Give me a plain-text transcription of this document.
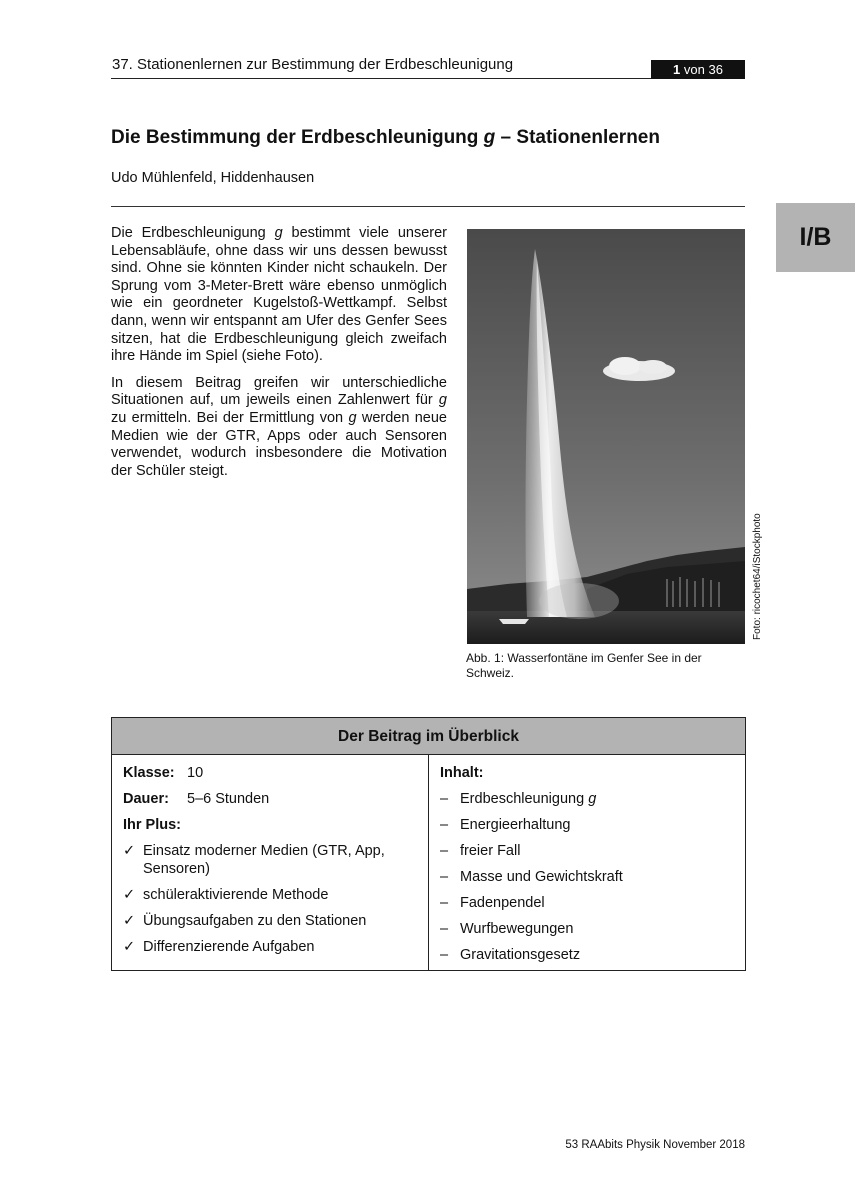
37. Stationenlernen zur Bestimmung der Erdbeschleunigung	1 von 36
I/B
Die Bestimmung der Erdbeschleunigung g – Stationenlernen
Udo Mühlenfeld, Hiddenhausen

Die Erdbeschleunigung g bestimmt viele unserer Lebensabläufe, ohne dass wir uns dessen bewusst sind. Ohne sie könnten Kinder nicht schaukeln. Der Sprung vom 3-Meter-Brett wäre ebenso unmöglich wie ein geordneter Kugelstoß-Wettkampf. Selbst dann, wenn wir entspannt am Ufer des Genfer Sees sitzen, hat die Erdbeschleunigung gleich zweifach ihre Hände im Spiel (siehe Foto).

In diesem Beitrag greifen wir unterschiedliche Situationen auf, um jeweils einen Zahlenwert für g zu ermitteln. Bei der Ermittlung von g werden neue Medien wie der GTR, Apps oder auch Sensoren verwendet, wodurch insbesondere die Motivation der Schüler steigt.

Foto: ricochet64/iStockphoto
Abb. 1: Wasserfontäne im Genfer See in der Schweiz.
Der Beitrag im Überblick
Klasse: 10
Dauer: 5–6 Stunden
Ihr Plus:
✓ Einsatz moderner Medien (GTR, App, Sensoren)
✓ schüleraktivierende Methode
✓ Übungsaufgaben zu den Stationen
✓ Differenzierende Aufgaben
Inhalt:
– Erdbeschleunigung g
– Energieerhaltung
– freier Fall
– Masse und Gewichtskraft
– Fadenpendel
– Wurfbewegungen
– Gravitationsgesetz
53 RAAbits Physik November 2018
